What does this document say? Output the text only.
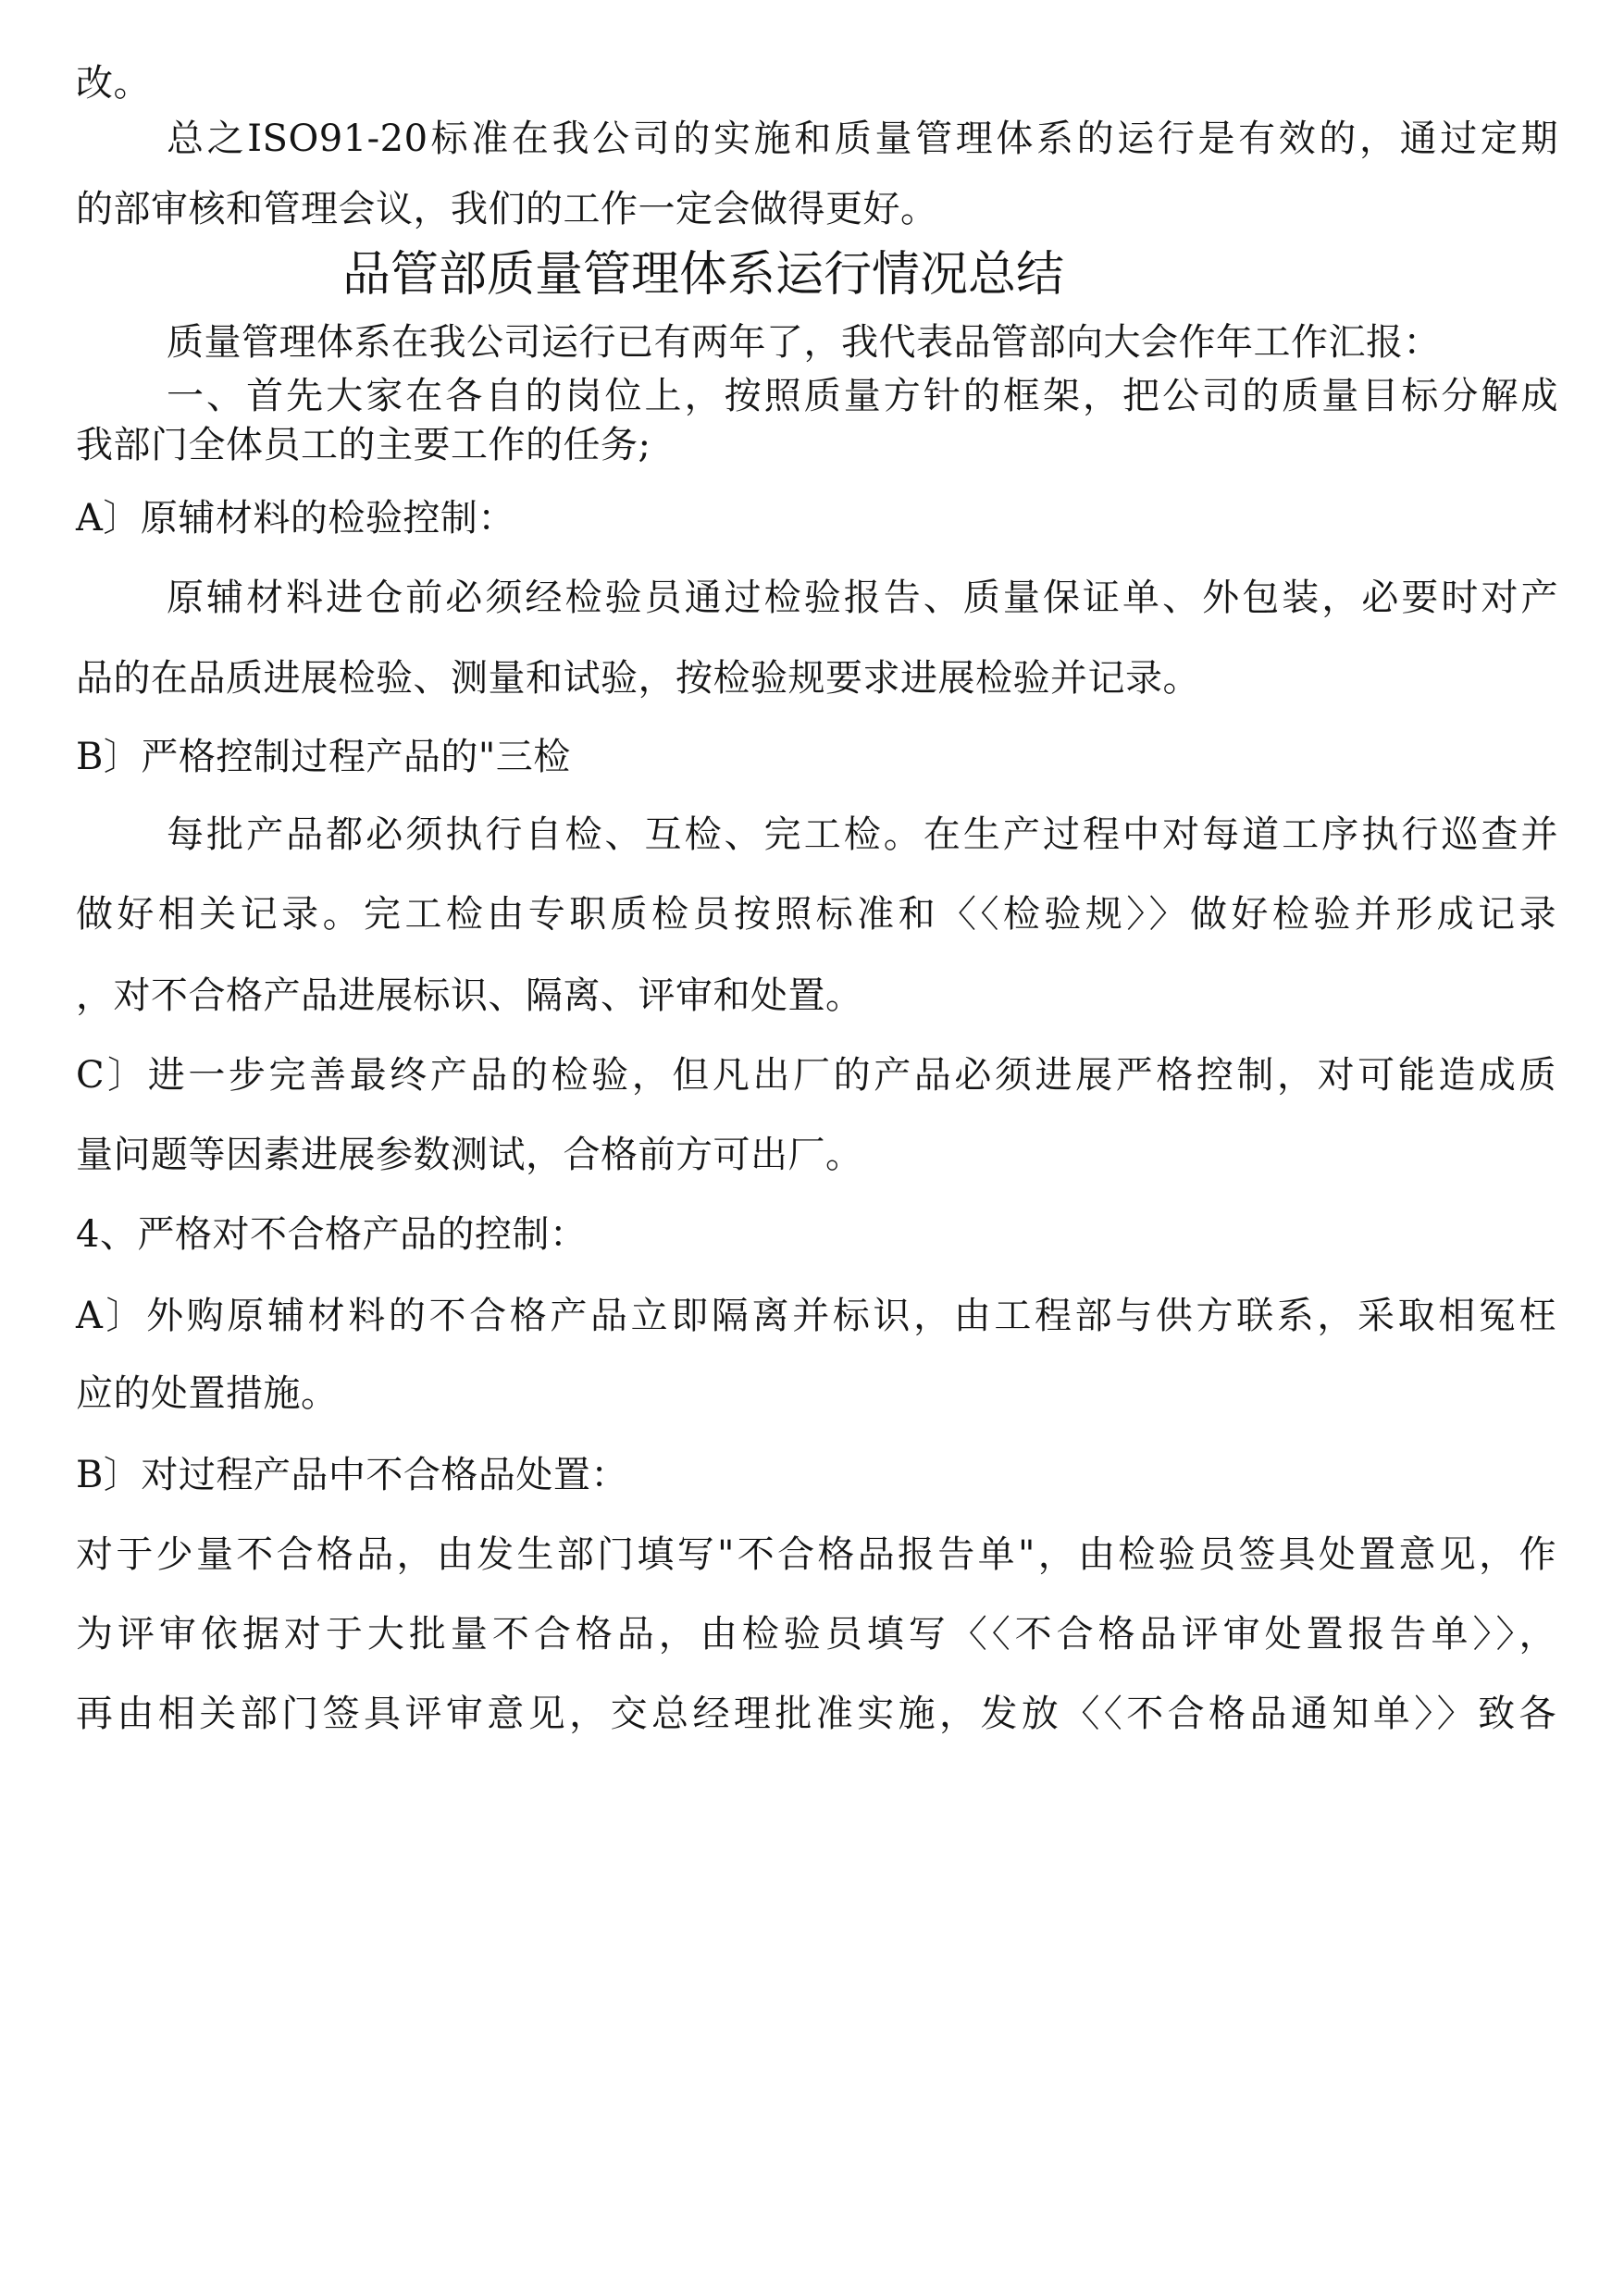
改。
总之ISO91-20标准在我公司的实施和质量管理体系的运行是有效的，通过定期
的部审核和管理会议，我们的工作一定会做得更好。
品管部质量管理体系运行情况总结
质量管理体系在我公司运行已有两年了，我代表品管部向大会作年工作汇报：
一、首先大家在各自的岗位上，按照质量方针的框架，把公司的质量目标分解成
我部门全体员工的主要工作的任务;
A〕原辅材料的检验控制：
原辅材料进仓前必须经检验员通过检验报告、质量保证单、外包装，必要时对产
品的在品质进展检验、测量和试验，按检验规要求进展检验并记录。
B〕严格控制过程产品的"三检
每批产品都必须执行自检、互检、完工检。在生产过程中对每道工序执行巡查并
做好相关记录。完工检由专职质检员按照标准和〈〈检验规〉〉做好检验并形成记录
，对不合格产品进展标识、隔离、评审和处置。
C〕进一步完善最终产品的检验，但凡出厂的产品必须进展严格控制，对可能造成质
量问题等因素进展参数测试，合格前方可出厂。
4、严格对不合格产品的控制：
A〕外购原辅材料的不合格产品立即隔离并标识，由工程部与供方联系，采取相冤枉
应的处置措施。
B〕对过程产品中不合格品处置：
对于少量不合格品，由发生部门填写"不合格品报告单"，由检验员签具处置意见，作
为评审依据对于大批量不合格品，由检验员填写〈〈不合格品评审处置报告单〉〉，
再由相关部门签具评审意见，交总经理批准实施，发放〈〈不合格品通知单〉〉致各
